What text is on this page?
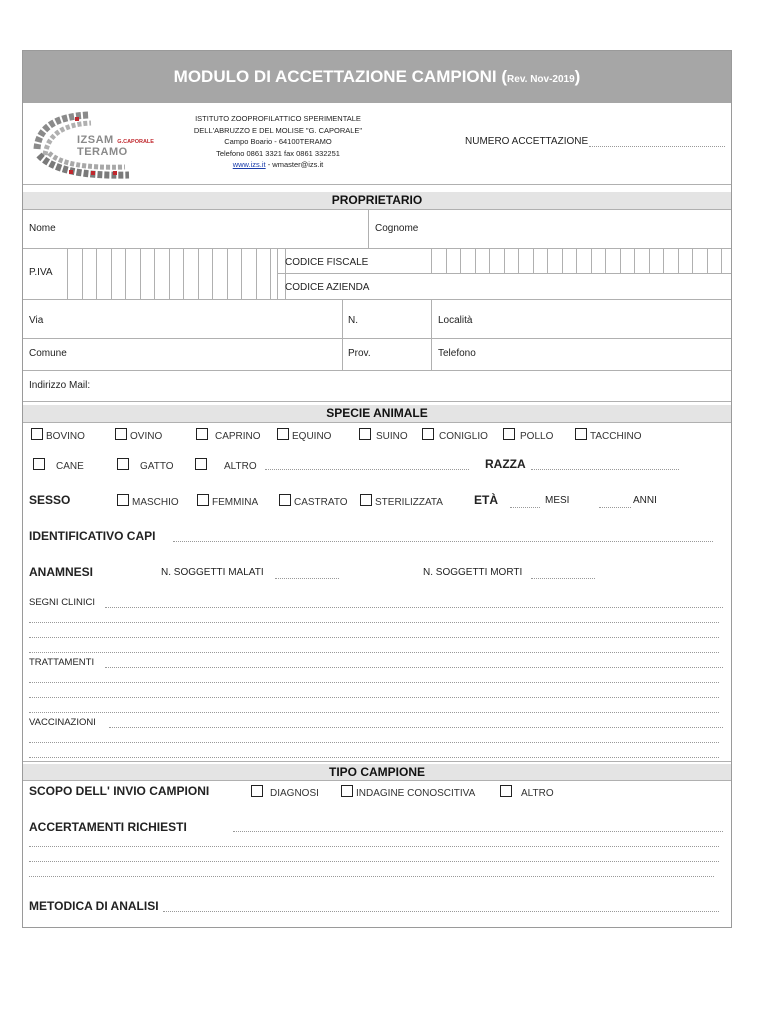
MODULO DI ACCETTAZIONE CAMPIONI (Rev. Nov-2019)
IZSAM G.CAPORALE
TERAMO
ISTITUTO ZOOPROFILATTICO SPERIMENTALE
DELL'ABRUZZO E DEL MOLISE "G. CAPORALE"
Campo Boario - 64100TERAMO
Telefono 0861 3321 fax 0861 332251
www.izs.it - wmaster@izs.it
NUMERO ACCETTAZIONE
PROPRIETARIO
Nome	Cognome
P.IVA
CODICE FISCALE
CODICE AZIENDA
Via	N.	Località
Comune	Prov.	Telefono
Indirizzo Mail:
SPECIE ANIMALE
BOVINO	OVINO	CAPRINO	EQUINO	SUINO	CONIGLIO	POLLO	TACCHINO
CANE	GATTO	ALTRO	RAZZA
SESSO	MASCHIO	FEMMINA	CASTRATO	STERILIZZATA	ETÀ	MESI	ANNI
IDENTIFICATIVO CAPI
ANAMNESI	N. SOGGETTI MALATI	N. SOGGETTI MORTI
SEGNI CLINICI
TRATTAMENTI
VACCINAZIONI
TIPO CAMPIONE
SCOPO DELL' INVIO CAMPIONI	DIAGNOSI	INDAGINE CONOSCITIVA	ALTRO
ACCERTAMENTI RICHIESTI
METODICA DI ANALISI
